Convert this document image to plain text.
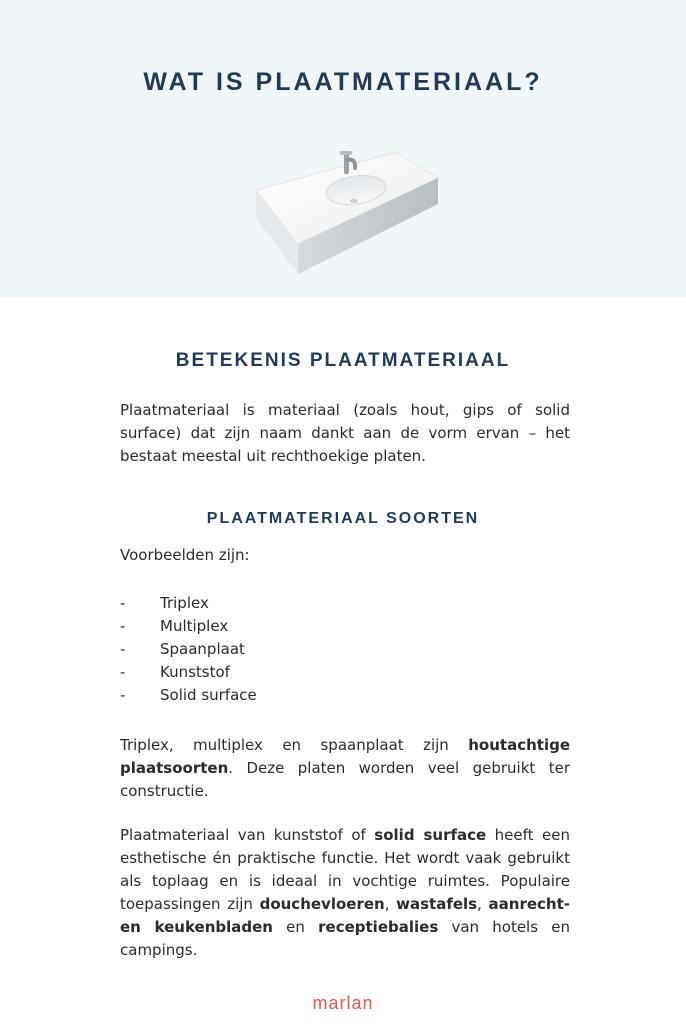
WAT IS PLAATMATERIAAL?
BETEKENIS PLAATMATERIAAL
Plaatmateriaal is materiaal (zoals hout, gips of solid surface) dat zijn naam dankt aan de vorm ervan – het bestaat meestal uit rechthoekige platen.
PLAATMATERIAAL SOORTEN
Voorbeelden zijn:
-	Triplex
-	Multiplex
-	Spaanplaat
-	Kunststof
-	Solid surface
Triplex, multiplex en spaanplaat zijn houtachtige plaatsoorten. Deze platen worden veel gebruikt ter constructie.
Plaatmateriaal van kunststof of solid surface heeft een esthetische én praktische functie. Het wordt vaak gebruikt als toplaag en is ideaal in vochtige ruimtes. Populaire toepassingen zijn douchevloeren, wastafels, aanrecht- en keukenbladen en receptiebalies van hotels en campings.
marlan
